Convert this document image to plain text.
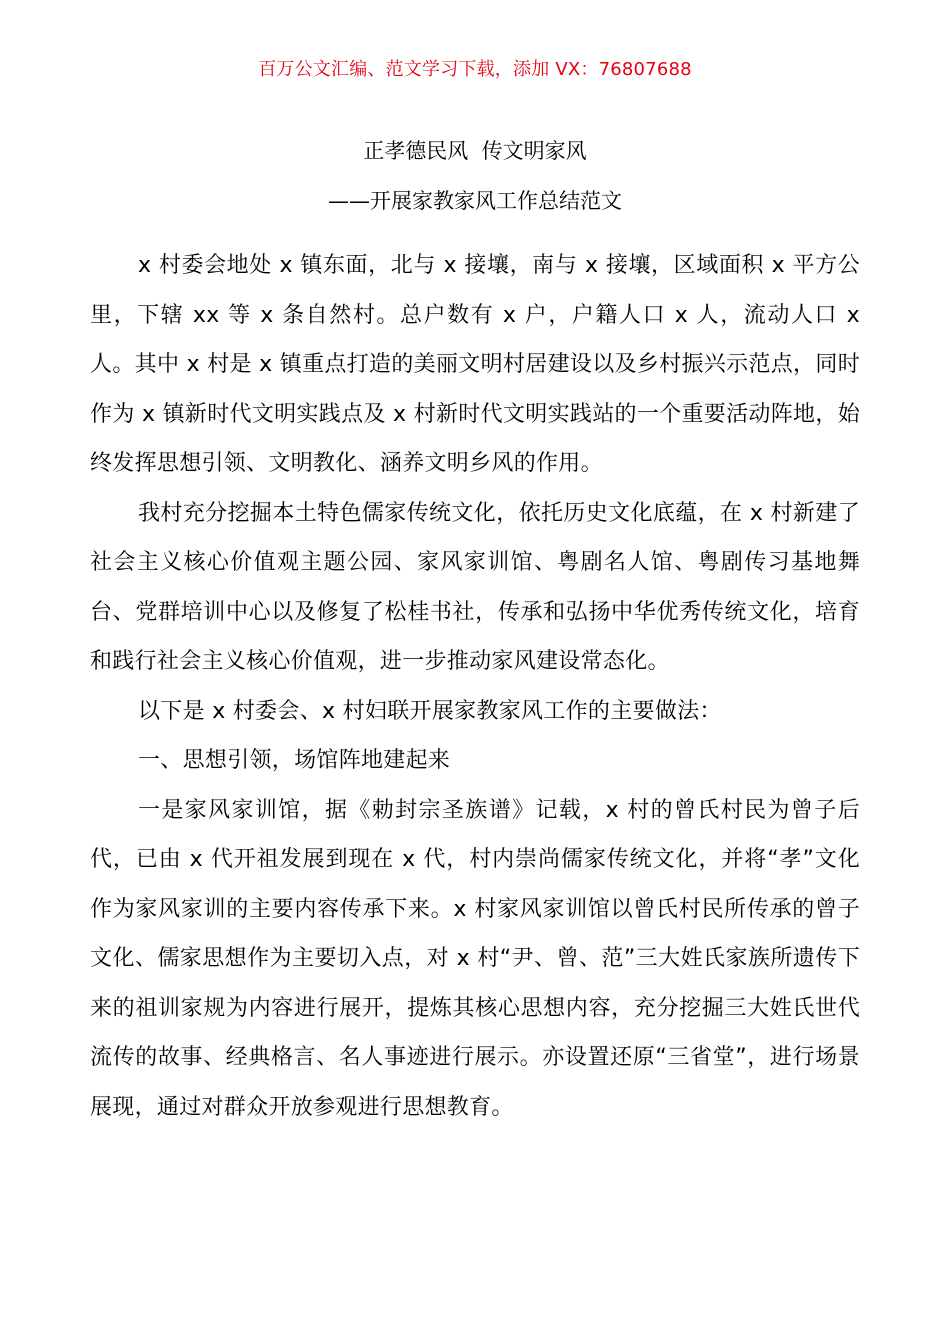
百万公文汇编、范文学习下载，添加 VX：76807688
正孝德民风  传文明家风
——开展家教家风工作总结范文

x 村委会地处 x 镇东面，北与 x 接壤，南与 x 接壤，区域面积 x 平方公里，下辖 xx 等 x 条自然村。总户数有 x 户，户籍人口 x 人，流动人口 x 人。其中 x 村是 x 镇重点打造的美丽文明村居建设以及乡村振兴示范点，同时作为 x 镇新时代文明实践点及 x 村新时代文明实践站的一个重要活动阵地，始终发挥思想引领、文明教化、涵养文明乡风的作用。

我村充分挖掘本土特色儒家传统文化，依托历史文化底蕴，在 x 村新建了社会主义核心价值观主题公园、家风家训馆、粤剧名人馆、粤剧传习基地舞台、党群培训中心以及修复了松桂书社，传承和弘扬中华优秀传统文化，培育和践行社会主义核心价值观，进一步推动家风建设常态化。

以下是 x 村委会、x 村妇联开展家教家风工作的主要做法：

一、思想引领，场馆阵地建起来

一是家风家训馆，据《勅封宗圣族谱》记载，x 村的曾氏村民为曾子后代，已由 x 代开祖发展到现在 x 代，村内崇尚儒家传统文化，并将“孝”文化作为家风家训的主要内容传承下来。x 村家风家训馆以曾氏村民所传承的曾子文化、儒家思想作为主要切入点，对 x 村“尹、曾、范”三大姓氏家族所遗传下来的祖训家规为内容进行展开，提炼其核心思想内容，充分挖掘三大姓氏世代流传的故事、经典格言、名人事迹进行展示。亦设置还原“三省堂”，进行场景展现，通过对群众开放参观进行思想教育。
